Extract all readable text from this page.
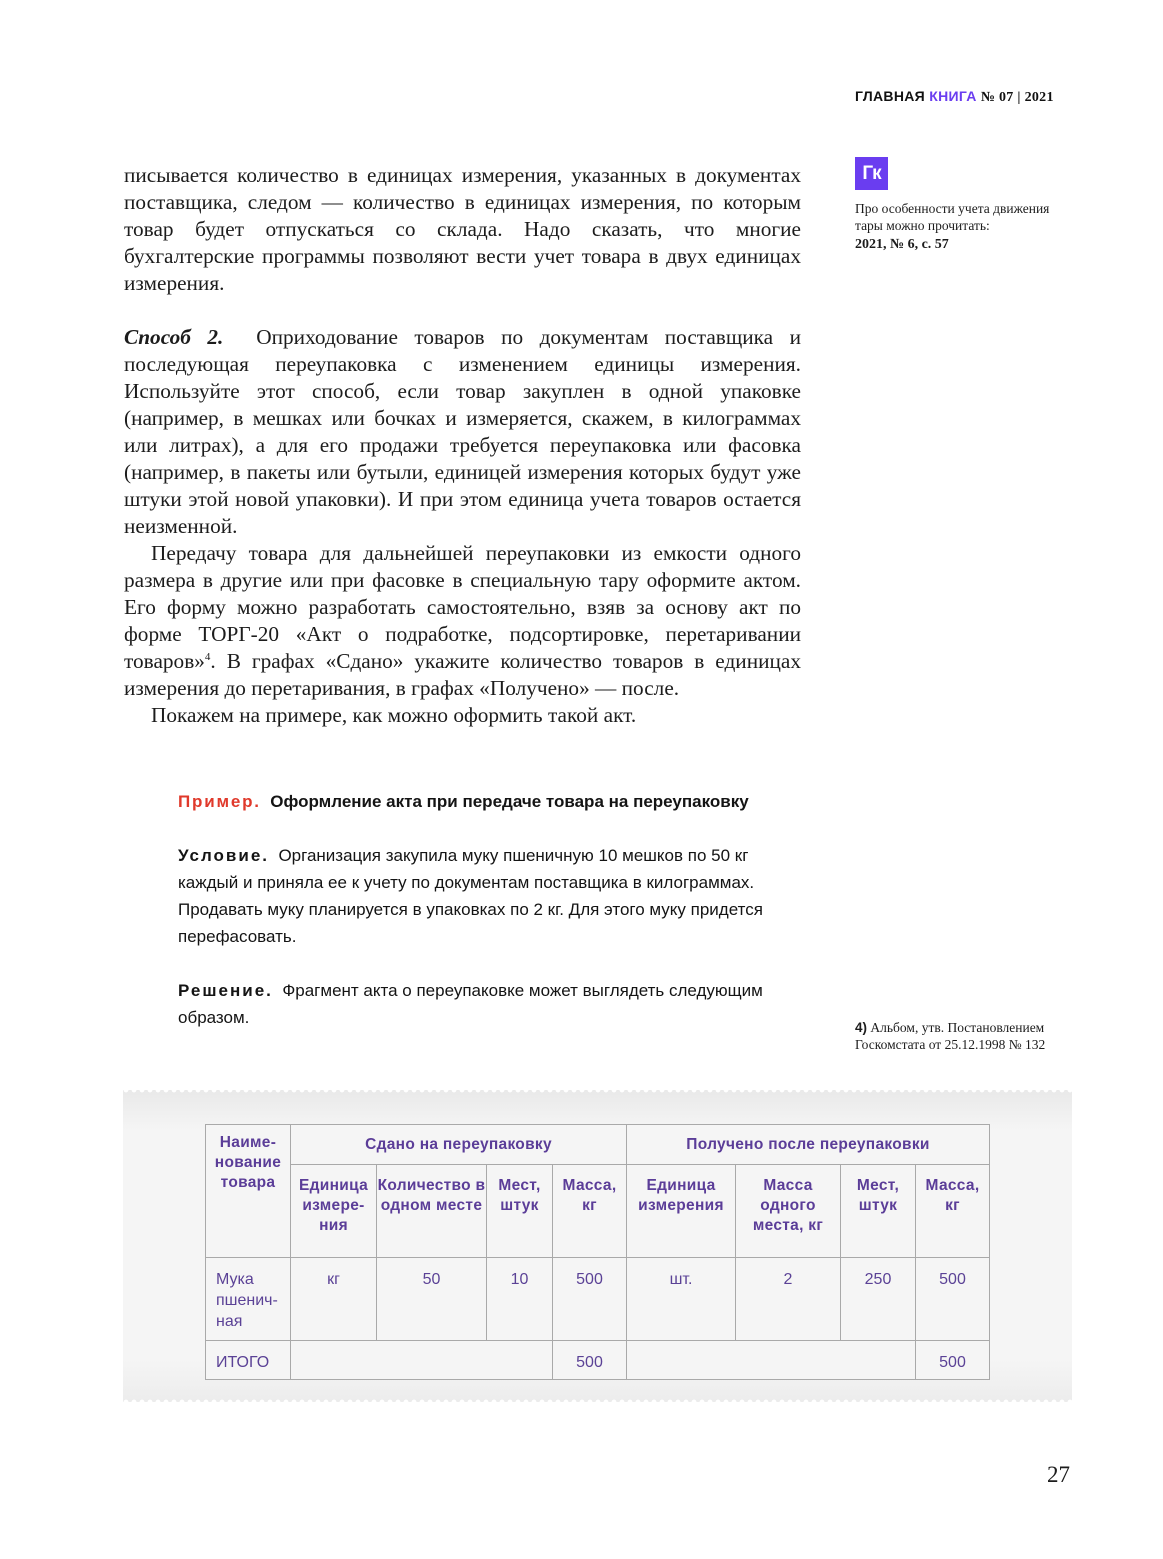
ГЛАВНАЯ КНИГА № 07 | 2021

писывается количество в единицах измерения, указанных в документах поставщика, следом — количество в единицах измерения, по которым товар будет отпускаться со склада. Надо сказать, что многие бухгалтерские программы позволяют вести учет товара в двух единицах измерения.

Способ 2. Оприходование товаров по документам поставщика и последующая переупаковка с изменением единицы измерения. Используйте этот способ, если товар закуплен в одной упаковке (например, в мешках или бочках и измеряется, скажем, в килограммах или литрах), а для его продажи требуется переупаковка или фасовка (например, в пакеты или бутыли, единицей измерения которых будут уже штуки этой новой упаковки). И при этом единица учета товаров остается неизменной.

Передачу товара для дальнейшей переупаковки из емкости одного размера в другие или при фасовке в специальную тару оформите актом. Его форму можно разработать самостоятельно, взяв за основу акт по форме ТОРГ-20 «Акт о подработке, подсортировке, перетаривании товаров»$^4$. В графах «Сдано» укажите количество товаров в единицах измерения до перетаривания, в графах «Получено» — после.

Покажем на примере, как можно оформить такой акт.

Гк
Про особенности учета движения тары можно прочитать:
2021, № 6, с. 57
Пример. Оформление акта при передаче товара на переупаковку
Условие. Организация закупила муку пшеничную 10 мешков по 50 кг каждый и приняла ее к учету по документам поставщика в килограммах. Продавать муку планируется в упаковках по 2 кг. Для этого муку придется перефасовать.
Решение. Фрагмент акта о переупаковке может выглядеть следующим образом.
4) Альбом, утв. Постановлением Госкомстата от 25.12.1998 № 132
Наиме-нование товара	Сдано на переупаковку				Получено после переупаковки			
	Единица измере-ния	Количество в одном месте	Мест, штук	Масса, кг	Единица измерения	Масса одного места, кг	Мест, штук	Масса, кг
Мука пшенич-ная	кг	50	10	500	шт.	2	250	500
ИТОГО				500				500
27
